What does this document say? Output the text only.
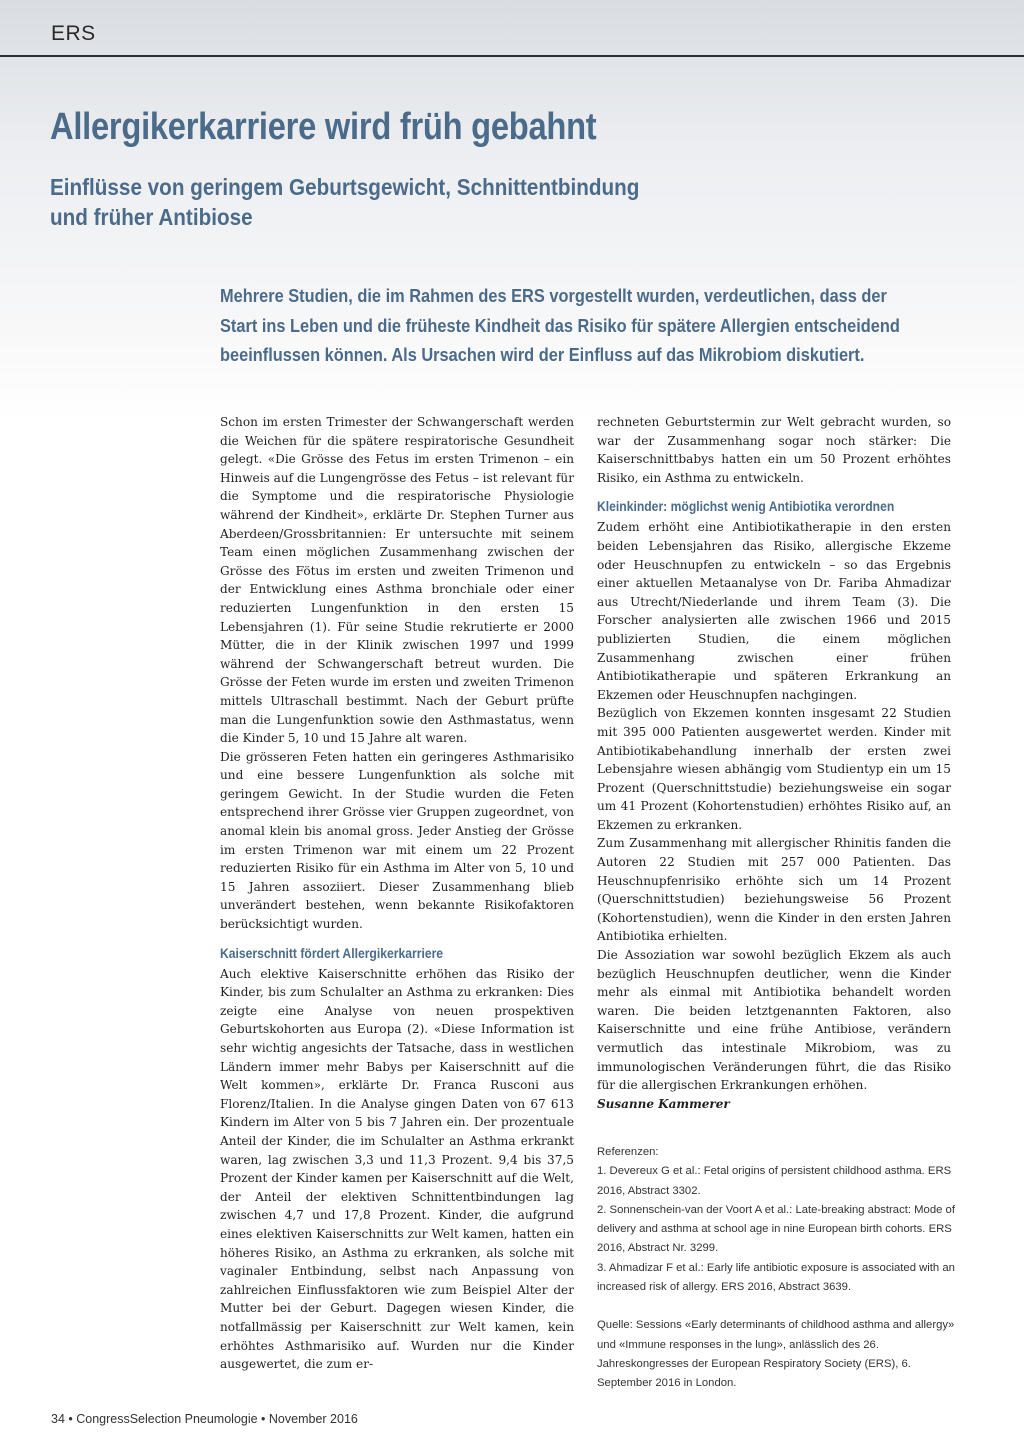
ERS
Allergikerkarriere wird früh gebahnt
Einflüsse von geringem Geburtsgewicht, Schnittentbindung
und früher Antibiose
Mehrere Studien, die im Rahmen des ERS vorgestellt wurden, verdeutlichen, dass der
Start ins Leben und die früheste Kindheit das Risiko für spätere Allergien entscheidend
beeinflussen können. Als Ursachen wird der Einfluss auf das Mikrobiom diskutiert.

Schon im ersten Trimester der Schwangerschaft werden die Weichen für die spätere respiratorische Gesundheit gelegt. «Die Grösse des Fetus im ersten Trimenon – ein Hinweis auf die Lungengrösse des Fetus – ist relevant für die Symptome und die respiratorische Physiologie während der Kindheit», erklärte Dr. Stephen Turner aus Aberdeen/Grossbritannien: Er untersuchte mit seinem Team einen möglichen Zusammenhang zwischen der Grösse des Fötus im ersten und zweiten Trimenon und der Entwicklung eines Asthma bronchiale oder einer reduzierten Lungenfunktion in den ersten 15 Lebensjahren (1). Für seine Studie rekrutierte er 2000 Mütter, die in der Klinik zwischen 1997 und 1999 während der Schwangerschaft betreut wurden. Die Grösse der Feten wurde im ersten und zweiten Trimenon mittels Ultraschall bestimmt. Nach der Geburt prüfte man die Lungenfunktion sowie den Asthmastatus, wenn die Kinder 5, 10 und 15 Jahre alt waren.

Die grösseren Feten hatten ein geringeres Asthmarisiko und eine bessere Lungenfunktion als solche mit geringem Gewicht. In der Studie wurden die Feten entsprechend ihrer Grösse vier Gruppen zugeordnet, von anomal klein bis anomal gross. Jeder Anstieg der Grösse im ersten Trimenon war mit einem um 22 Prozent reduzierten Risiko für ein Asthma im Alter von 5, 10 und 15 Jahren assoziiert. Dieser Zusammenhang blieb unverändert bestehen, wenn bekannte Risikofaktoren berücksichtigt wurden.

Kaiserschnitt fördert Allergikerkarriere

Auch elektive Kaiserschnitte erhöhen das Risiko der Kinder, bis zum Schulalter an Asthma zu erkranken: Dies zeigte eine Analyse von neuen prospektiven Geburtskohorten aus Europa (2). «Diese Information ist sehr wichtig angesichts der Tatsache, dass in westlichen Ländern immer mehr Babys per Kaiserschnitt auf die Welt kommen», erklärte Dr. Franca Rusconi aus Florenz/Italien. In die Analyse gingen Daten von 67 613 Kindern im Alter von 5 bis 7 Jahren ein. Der prozentuale Anteil der Kinder, die im Schulalter an Asthma erkrankt waren, lag zwischen 3,3 und 11,3 Prozent. 9,4 bis 37,5 Prozent der Kinder kamen per Kaiserschnitt auf die Welt, der Anteil der elektiven Schnittentbindungen lag zwischen 4,7 und 17,8 Prozent. Kinder, die aufgrund eines elektiven Kaiserschnitts zur Welt kamen, hatten ein höheres Risiko, an Asthma zu erkranken, als solche mit vaginaler Entbindung, selbst nach Anpassung von zahlreichen Einflussfaktoren wie zum Beispiel Alter der Mutter bei der Geburt. Dagegen wiesen Kinder, die notfallmässig per Kaiserschnitt zur Welt kamen, kein erhöhtes Asthmarisiko auf. Wurden nur die Kinder ausgewertet, die zum er-

rechneten Geburtstermin zur Welt gebracht wurden, so war der Zusammenhang sogar noch stärker: Die Kaiserschnittbabys hatten ein um 50 Prozent erhöhtes Risiko, ein Asthma zu entwickeln.

Kleinkinder: möglichst wenig Antibiotika verordnen

Zudem erhöht eine Antibiotikatherapie in den ersten beiden Lebensjahren das Risiko, allergische Ekzeme oder Heuschnupfen zu entwickeln – so das Ergebnis einer aktuellen Metaanalyse von Dr. Fariba Ahmadizar aus Utrecht/Niederlande und ihrem Team (3). Die Forscher analysierten alle zwischen 1966 und 2015 publizierten Studien, die einem möglichen Zusammenhang zwischen einer frühen Antibiotikatherapie und späteren Erkrankung an Ekzemen oder Heuschnupfen nachgingen.

Bezüglich von Ekzemen konnten insgesamt 22 Studien mit 395 000 Patienten ausgewertet werden. Kinder mit Antibiotikabehandlung innerhalb der ersten zwei Lebensjahre wiesen abhängig vom Studientyp ein um 15 Prozent (Querschnittstudie) beziehungsweise ein sogar um 41 Prozent (Kohortenstudien) erhöhtes Risiko auf, an Ekzemen zu erkranken.

Zum Zusammenhang mit allergischer Rhinitis fanden die Autoren 22 Studien mit 257 000 Patienten. Das Heuschnupfenrisiko erhöhte sich um 14 Prozent (Querschnittstudien) beziehungsweise 56 Prozent (Kohortenstudien), wenn die Kinder in den ersten Jahren Antibiotika erhielten.

Die Assoziation war sowohl bezüglich Ekzem als auch bezüglich Heuschnupfen deutlicher, wenn die Kinder mehr als einmal mit Antibiotika behandelt worden waren. Die beiden letztgenannten Faktoren, also Kaiserschnitte und eine frühe Antibiose, verändern vermutlich das intestinale Mikrobiom, was zu immunologischen Veränderungen führt, die das Risiko für die allergischen Erkrankungen erhöhen.

Susanne Kammerer

Referenzen:

1. Devereux G et al.: Fetal origins of persistent childhood asthma. ERS 2016, Abstract 3302.

2. Sonnenschein-van der Voort A et al.: Late-breaking abstract: Mode of delivery and asthma at school age in nine European birth cohorts. ERS 2016, Abstract Nr. 3299.

3. Ahmadizar F et al.: Early life antibiotic exposure is associated with an increased risk of allergy. ERS 2016, Abstract 3639.

Quelle: Sessions «Early determinants of childhood asthma and allergy» und «Immune responses in the lung», anlässlich des 26. Jahreskongresses der European Respiratory Society (ERS), 6. September 2016 in London.

34 • CongressSelection Pneumologie • November 2016
